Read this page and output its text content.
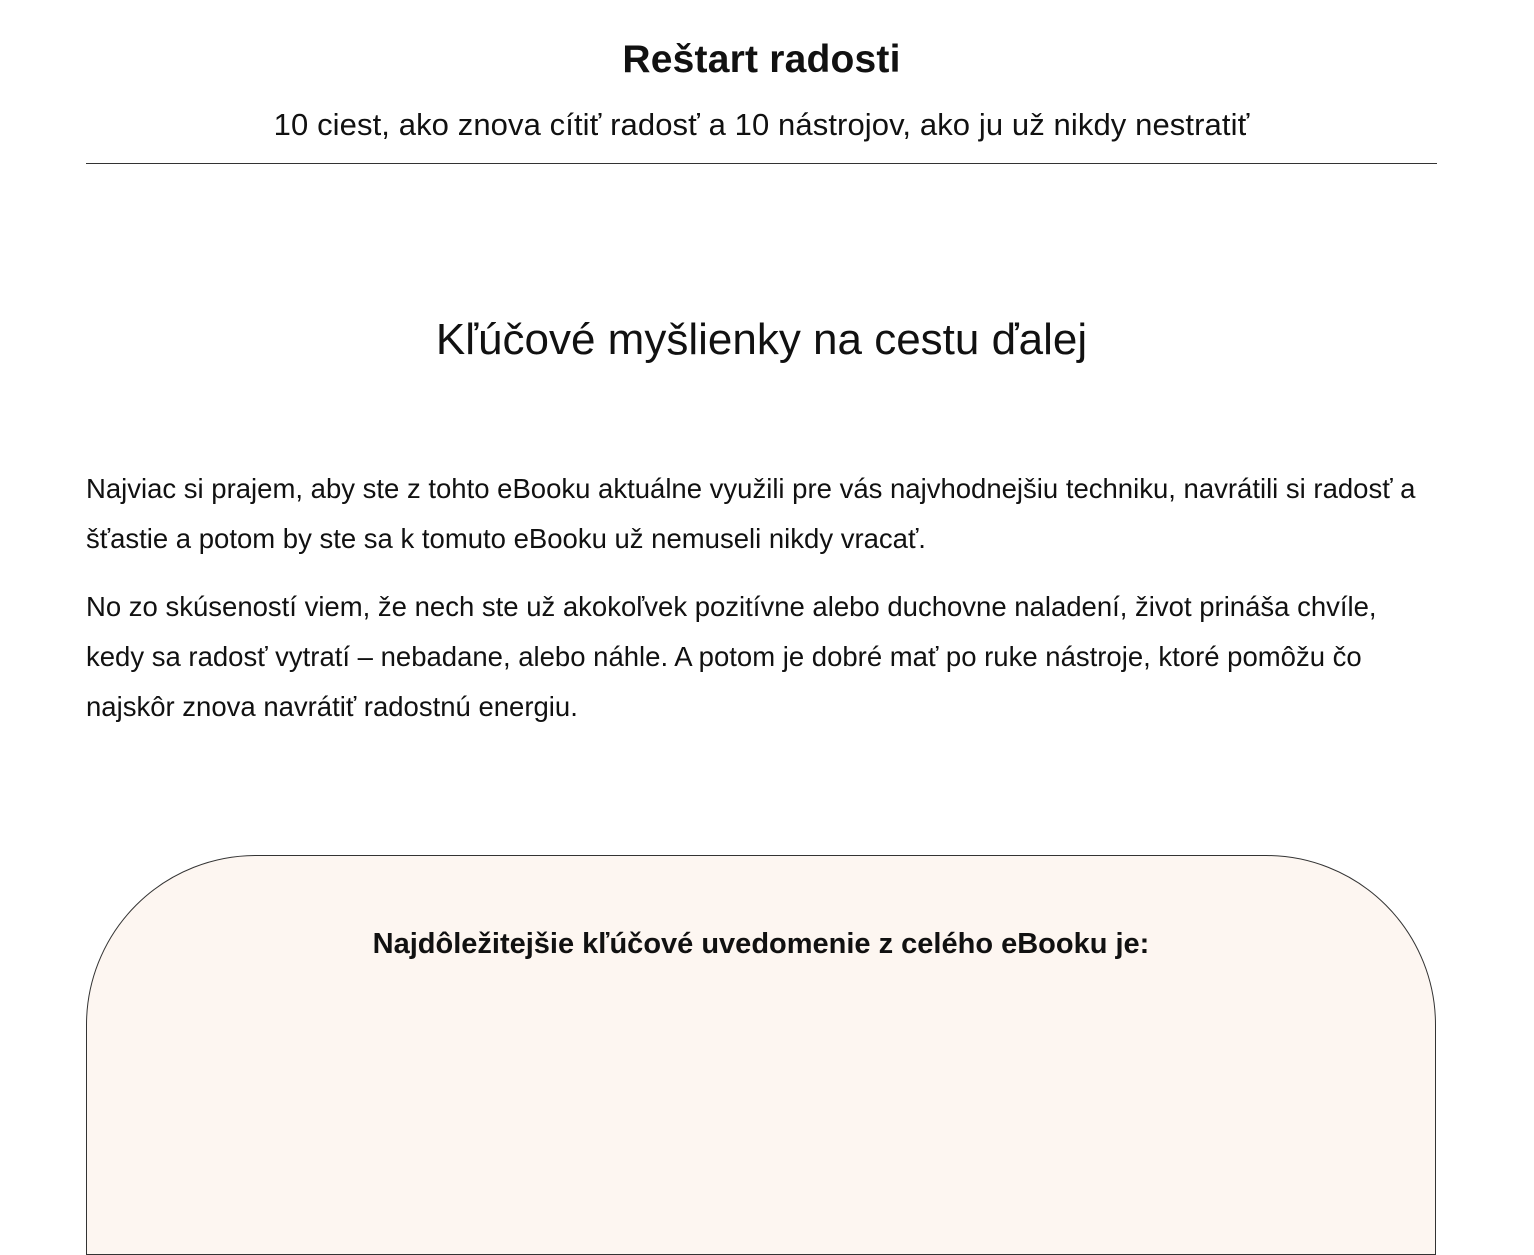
Reštart radosti

10 ciest, ako znova cítiť radosť a 10 nástrojov, ako ju už nikdy nestratiť

Kľúčové myšlienky na cestu ďalej

Najviac si prajem, aby ste z tohto eBooku aktuálne využili pre vás najvhodnejšiu techniku, navrátili si radosť a šťastie a potom by ste sa k tomuto eBooku už nemuseli nikdy vracať.

No zo skúseností viem, že nech ste už akokoľvek pozitívne alebo duchovne naladení, život prináša chvíle, kedy sa radosť vytratí – nebadane, alebo náhle. A potom je dobré mať po ruke nástroje, ktoré pomôžu čo najskôr znova navrátiť radostnú energiu.

Najdôležitejšie kľúčové uvedomenie z celého eBooku je:
